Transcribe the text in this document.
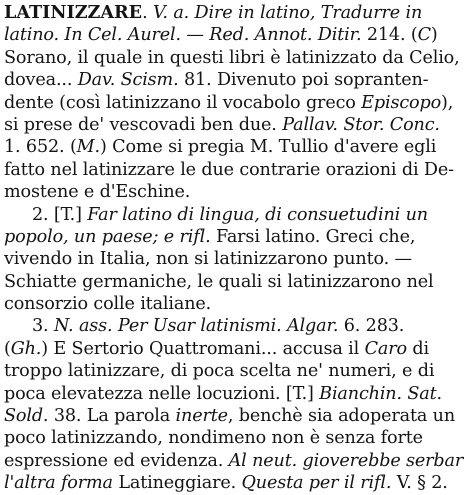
LATINIZZARE. V. a. Dire in latino, Tradurre in
latino. In Cel. Aurel. — Red. Annot. Ditir. 214. (C)
Sorano, il quale in questi libri è latinizzato da Celio,
dovea... Dav. Scism. 81. Divenuto poi sopranten-
dente (così latinizzano il vocabolo greco Episcopo),
si prese de' vescovadi ben due. Pallav. Stor. Conc.
1. 652. (M.) Come si pregia M. Tullio d'avere egli
fatto nel latinizzare le due contrarie orazioni di De-
mostene e d'Eschine.
2. [T.] Far latino di lingua, di consuetudini un
popolo, un paese; e rifl. Farsi latino. Greci che,
vivendo in Italia, non si latinizzarono punto. —
Schiatte germaniche, le quali si latinizzarono nel
consorzio colle italiane.
3. N. ass. Per Usar latinismi. Algar. 6. 283.
(Gh.) E Sertorio Quattromani... accusa il Caro di
troppo latinizzare, di poca scelta ne' numeri, e di
poca elevatezza nelle locuzioni. [T.] Bianchin. Sat.
Sold. 38. La parola inerte, benchè sia adoperata un
poco latinizzando, nondimeno non è senza forte
espressione ed evidenza. Al neut. gioverebbe serbar
l'altra forma Latineggiare. Questa per il rifl. V. § 2.
